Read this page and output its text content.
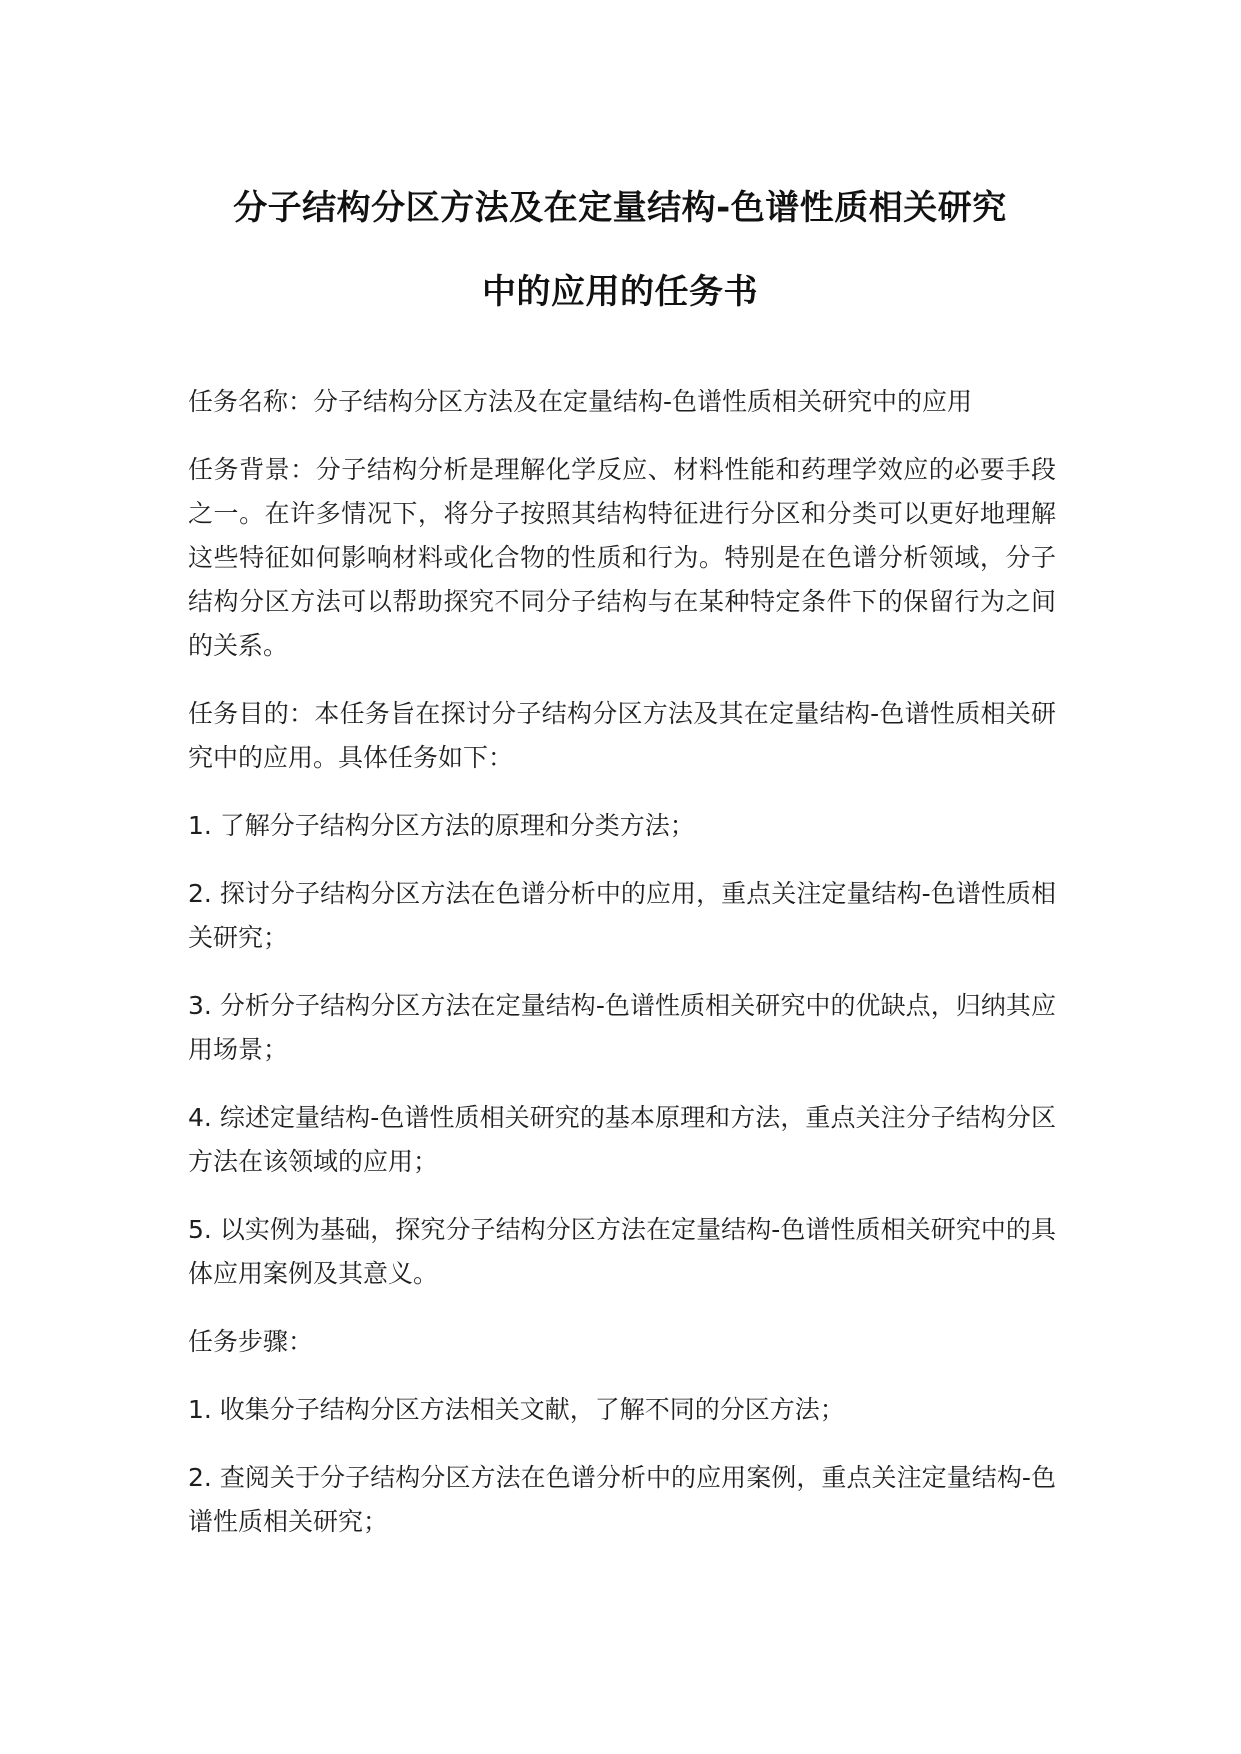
分子结构分区方法及在定量结构-色谱性质相关研究
中的应用的任务书

任务名称：分子结构分区方法及在定量结构-色谱性质相关研究中的应用

任务背景：分子结构分析是理解化学反应、材料性能和药理学效应的必要手段之一。在许多情况下，将分子按照其结构特征进行分区和分类可以更好地理解这些特征如何影响材料或化合物的性质和行为。特别是在色谱分析领域，分子结构分区方法可以帮助探究不同分子结构与在某种特定条件下的保留行为之间的关系。

任务目的：本任务旨在探讨分子结构分区方法及其在定量结构-色谱性质相关研究中的应用。具体任务如下：

1. 了解分子结构分区方法的原理和分类方法；

2. 探讨分子结构分区方法在色谱分析中的应用，重点关注定量结构-色谱性质相关研究；

3. 分析分子结构分区方法在定量结构-色谱性质相关研究中的优缺点，归纳其应用场景；

4. 综述定量结构-色谱性质相关研究的基本原理和方法，重点关注分子结构分区方法在该领域的应用；

5. 以实例为基础，探究分子结构分区方法在定量结构-色谱性质相关研究中的具体应用案例及其意义。

任务步骤：

1. 收集分子结构分区方法相关文献，了解不同的分区方法；

2. 查阅关于分子结构分区方法在色谱分析中的应用案例，重点关注定量结构-色谱性质相关研究；
